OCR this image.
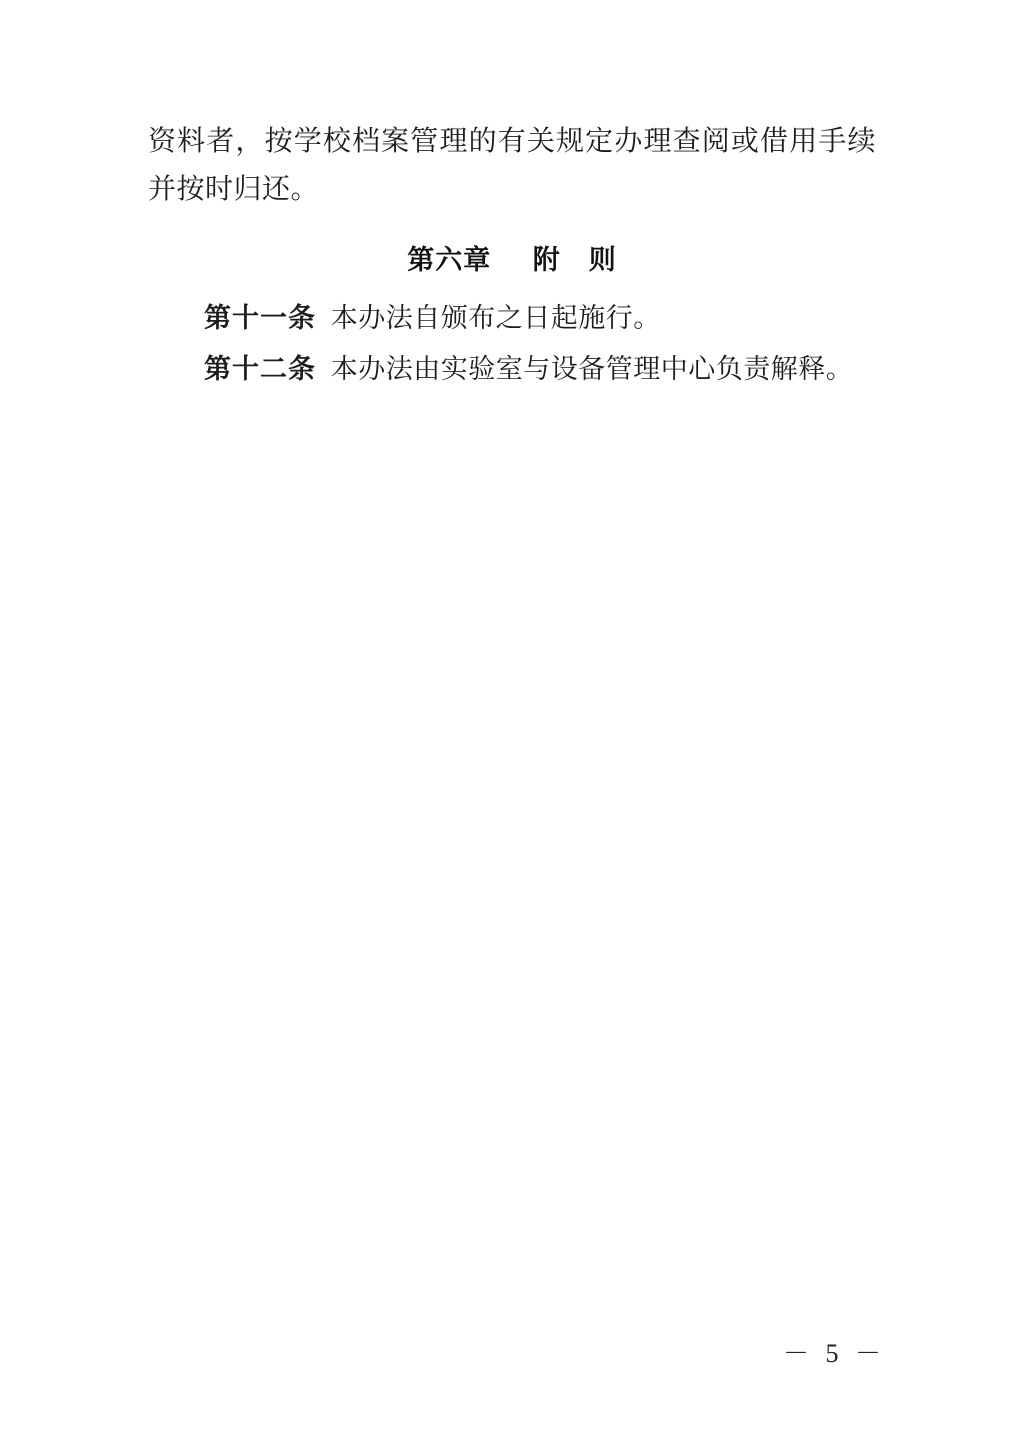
资料者，按学校档案管理的有关规定办理查阅或借用手续并按时归还。

第六章 附　则

第十一条 本办法自颁布之日起施行。

第十二条 本办法由实验室与设备管理中心负责解释。

－ 5 －
